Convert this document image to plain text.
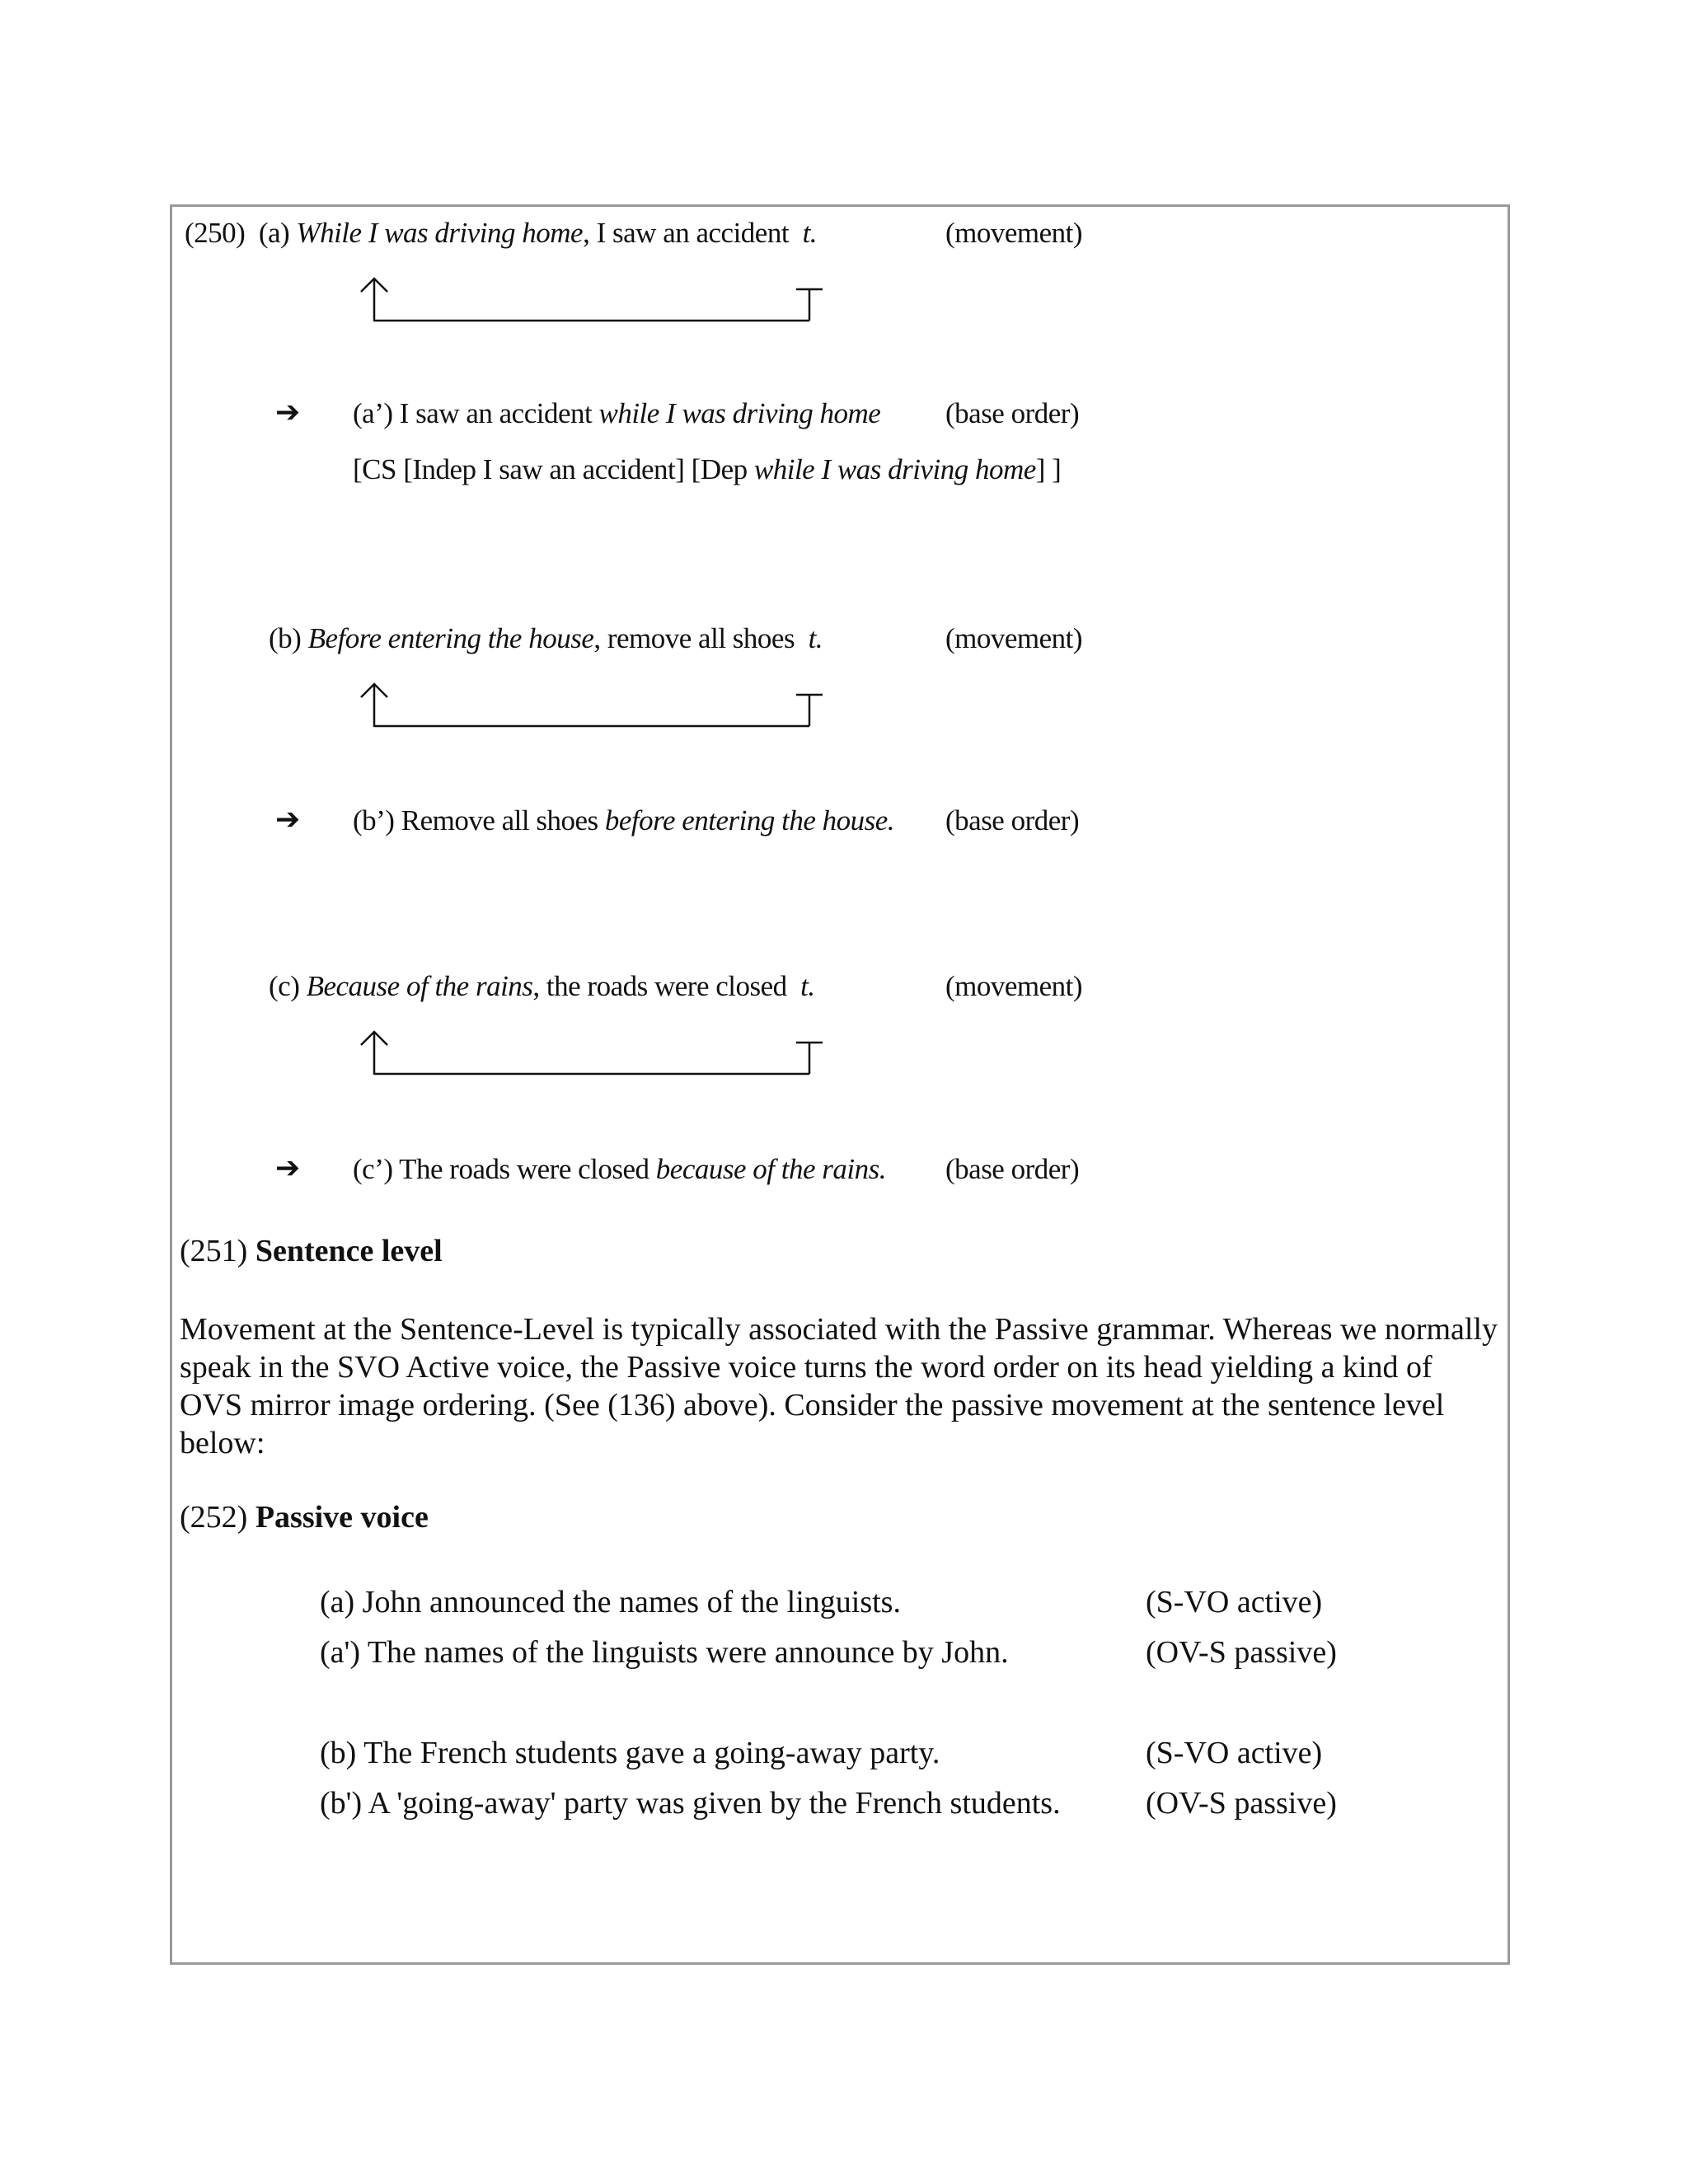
(250) (a) While I was driving home, I saw an accident t.	(movement)
➔ (a’) I saw an accident while I was driving home (base order)
[CS [Indep I saw an accident] [Dep while I was driving home] ]
(b) Before entering the house, remove all shoes t.	(movement)
➔ (b’) Remove all shoes before entering the house. (base order)
(c) Because of the rains, the roads were closed t.	(movement)
➔ (c’) The roads were closed because of the rains. (base order)
(251) Sentence level
Movement at the Sentence-Level is typically associated with the Passive grammar. Whereas we normally speak in the SVO Active voice, the Passive voice turns the word order on its head yielding a kind of OVS mirror image ordering. (See (136) above). Consider the passive movement at the sentence level below:
(252) Passive voice
(a) John announced the names of the linguists.	(S-VO active)
(a') The names of the linguists were announce by John.	(OV-S passive)
(b) The French students gave a going-away party.	(S-VO active)
(b') A 'going-away' party was given by the French students.	(OV-S passive)
